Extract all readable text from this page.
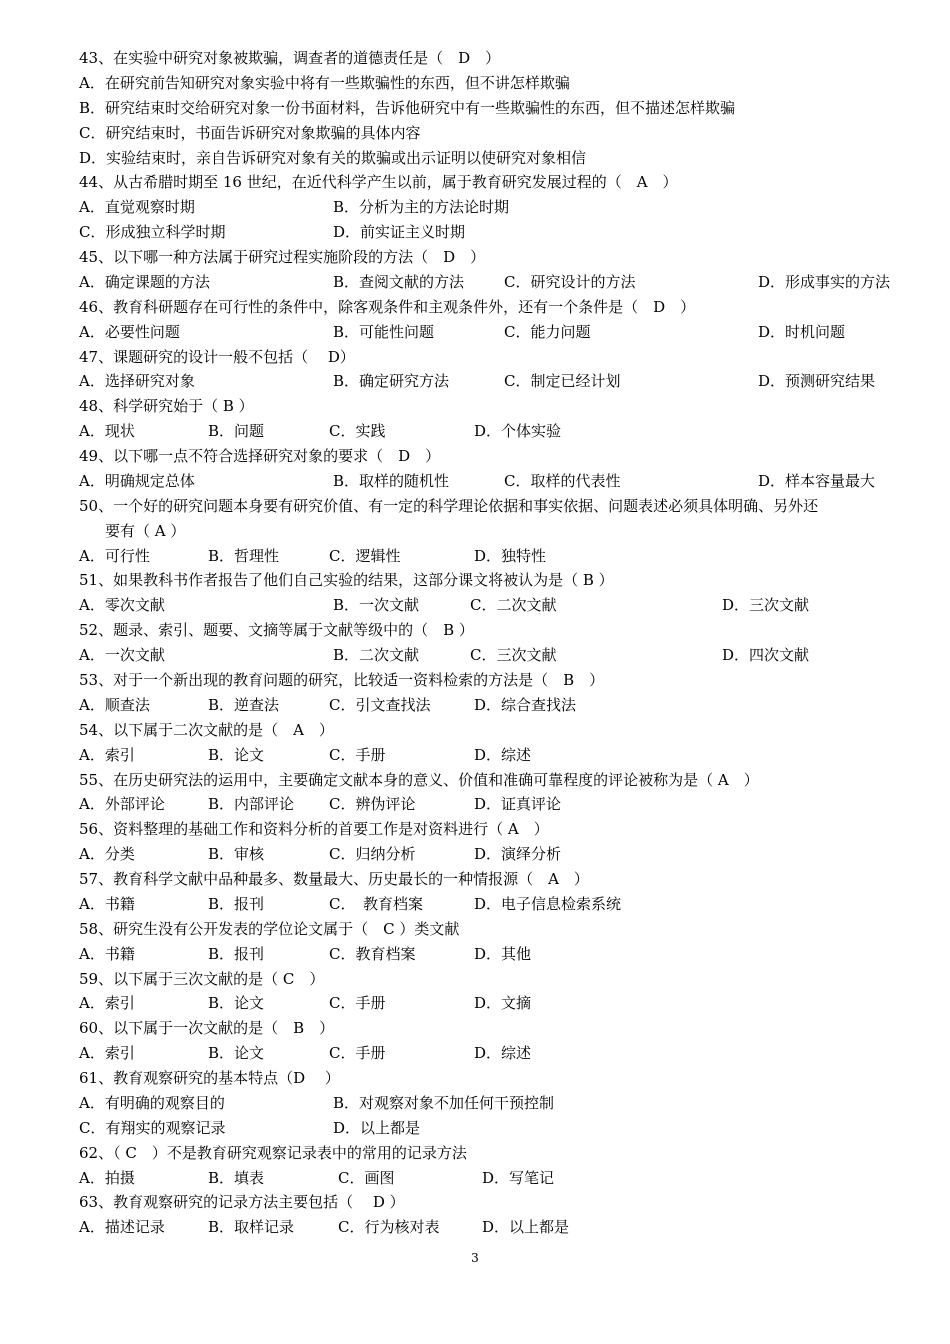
43、在实验中研究对象被欺骗，调查者的道德责任是（　D　）
A．在研究前告知研究对象实验中将有一些欺骗性的东西，但不讲怎样欺骗
B．研究结束时交给研究对象一份书面材料，告诉他研究中有一些欺骗性的东西，但不描述怎样欺骗
C．研究结束时，书面告诉研究对象欺骗的具体内容
D．实验结束时，亲自告诉研究对象有关的欺骗或出示证明以使研究对象相信
44、从古希腊时期至 16 世纪，在近代科学产生以前，属于教育研究发展过程的（　A　）
A．直觉观察时期	B．分析为主的方法论时期
C．形成独立科学时期	D．前实证主义时期
45、以下哪一种方法属于研究过程实施阶段的方法（　D　）
A．确定课题的方法	B．查阅文献的方法	C．研究设计的方法	D．形成事实的方法
46、教育科研题存在可行性的条件中，除客观条件和主观条件外，还有一个条件是（　D　）
A．必要性问题	B．可能性问题	C．能力问题	D．时机问题
47、课题研究的设计一般不包括（　 D）
A．选择研究对象	B．确定研究方法	C．制定已经计划	D．预测研究结果
48、科学研究始于（ B ）
A．现状	B．问题	C．实践	D．个体实验
49、以下哪一点不符合选择研究对象的要求（　D　）
A．明确规定总体	B．取样的随机性	C．取样的代表性	D．样本容量最大
50、一个好的研究问题本身要有研究价值、有一定的科学理论依据和事实依据、问题表述必须具体明确、另外还
要有（ A ）
A．可行性	B．哲理性	C．逻辑性	D．独特性
51、如果教科书作者报告了他们自己实验的结果，这部分课文将被认为是（ B ）
A．零次文献	B．一次文献	C．二次文献	D．三次文献
52、题录、索引、题要、文摘等属于文献等级中的（　B ）
A．一次文献	B．二次文献	C．三次文献	D．四次文献
53、对于一个新出现的教育问题的研究，比较适一资料检索的方法是（　B　）
A．顺查法	B．逆查法	C．引文查找法	D．综合查找法
54、以下属于二次文献的是（　A　）
A．索引	B．论文	C．手册	D．综述
55、在历史研究法的运用中，主要确定文献本身的意义、价值和准确可靠程度的评论被称为是（ A　）
A．外部评论	B．内部评论 C．辨伪评论	D．证真评论
56、资料整理的基础工作和资料分析的首要工作是对资料进行（ A　）
A．分类	B．审核	C．归纳分析	D．演绎分析
57、教育科学文献中品种最多、数量最大、历史最长的一种情报源（　A　）
A．书籍	B．报刊	C．　教育档案	D．电子信息检索系统
58、研究生没有公开发表的学位论文属于（　C ）类文献
A．书籍	B．报刊	C．教育档案	D．其他
59、以下属于三次文献的是（ C　）
A．索引	B．论文	C．手册	D．文摘
60、以下属于一次文献的是（　B　）
A．索引	B．论文	C．手册	D．综述
61、教育观察研究的基本特点（D　 ）
A．有明确的观察目的	B．对观察对象不加任何干预控制
C．有翔实的观察记录	D．以上都是
62、（ C　）不是教育研究观察记录表中的常用的记录方法
A．拍摄	B．填表	C．画图	D．写笔记
63、教育观察研究的记录方法主要包括（　 D ）
A．描述记录	B．取样记录	C．行为核对表	D．以上都是
3
